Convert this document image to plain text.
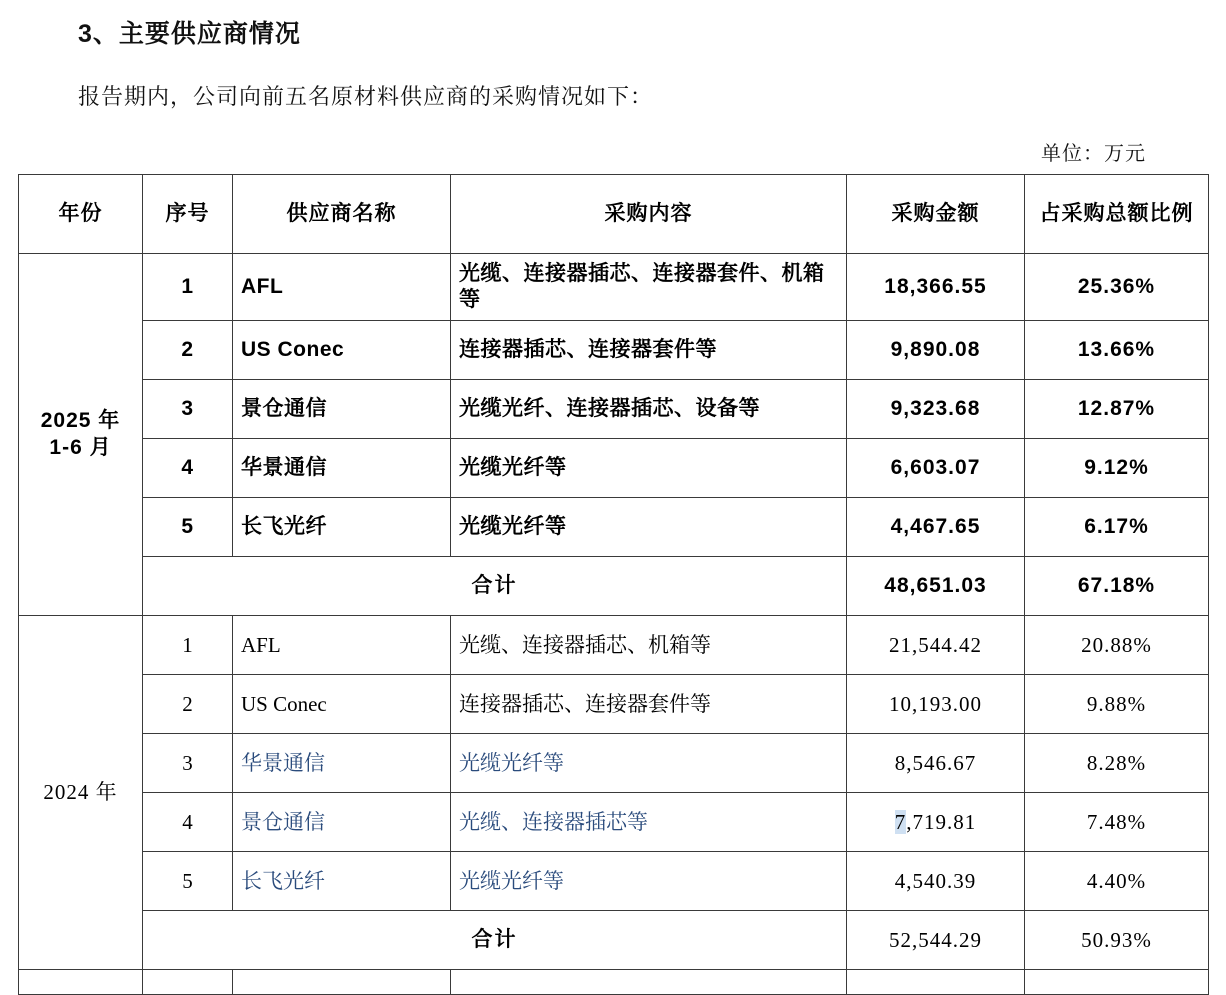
3、主要供应商情况
报告期内，公司向前五名原材料供应商的采购情况如下：
单位：万元
年份	序号	供应商名称	采购内容	采购金额	占采购总额比例

2025 年
1-6 月	1	AFL	光缆、连接器插芯、连接器套件、机箱等	18,366.55	25.36%
	2	US Conec	连接器插芯、连接器套件等	9,890.08	13.66%
	3	景仓通信	光缆光纤、连接器插芯、设备等	9,323.68	12.87%
	4	华景通信	光缆光纤等	6,603.07	9.12%
	5	长飞光纤	光缆光纤等	4,467.65	6.17%
	合计			48,651.03	67.18%

2024 年	1	AFL	光缆、连接器插芯、机箱等	21,544.42	20.88%
	2	US Conec	连接器插芯、连接器套件等	10,193.00	9.88%
	3	华景通信	光缆光纤等	8,546.67	8.28%
	4	景仓通信	光缆、连接器插芯等	7,719.81	7.48%
	5	长飞光纤	光缆光纤等	4,540.39	4.40%
	合计			52,544.29	50.93%
